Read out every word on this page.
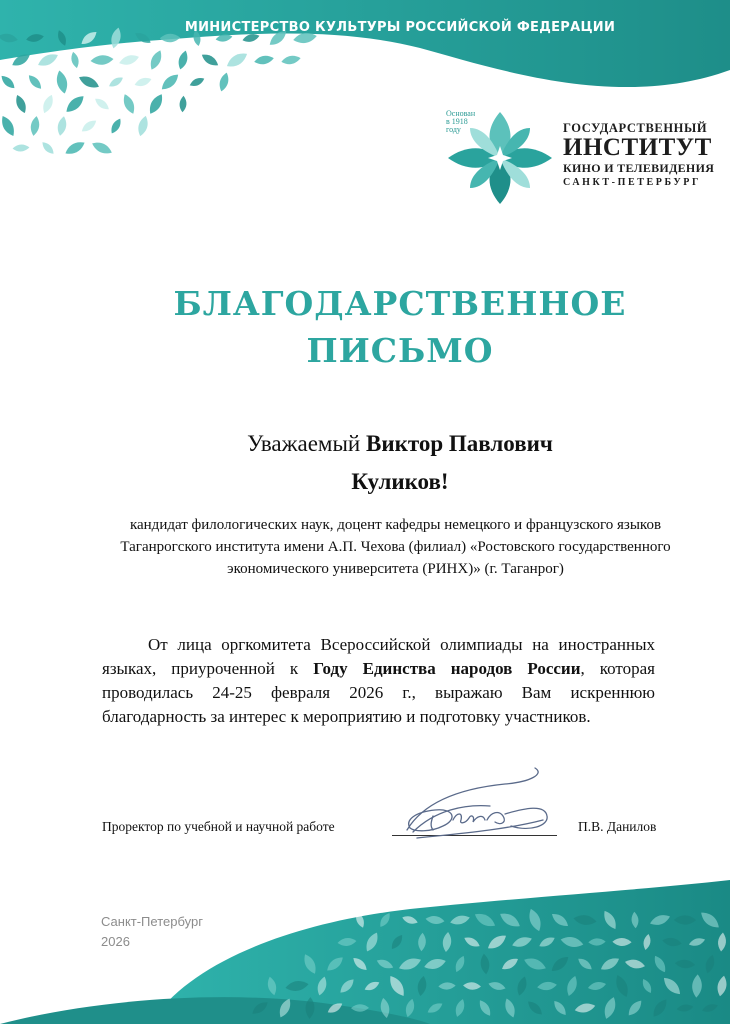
МИНИСТЕРСТВО КУЛЬТУРЫ РОССИЙСКОЙ ФЕДЕРАЦИИ
Основан
в 1918
году	ГОСУДАРСТВЕННЫЙ
ИНСТИТУТ
КИНО И ТЕЛЕВИДЕНИЯ
САНКТ-ПЕТЕРБУРГ
БЛАГОДАРСТВЕННОЕ
ПИСЬМО
Уважаемый Виктор Павлович
Куликов!
кандидат филологических наук, доцент кафедры немецкого и французского языков Таганрогского института имени А.П. Чехова (филиал) «Ростовского государственного экономического университета (РИНХ)» (г. Таганрог)
От лица оргкомитета Всероссийской олимпиады на иностранных языках, приуроченной к Году Единства народов России, которая проводилась 24-25 февраля 2026 г., выражаю Вам искреннюю благодарность за интерес к мероприятию и подготовку участников.
Проректор по учебной и научной работе	П.В. Данилов
Санкт-Петербург
2026
